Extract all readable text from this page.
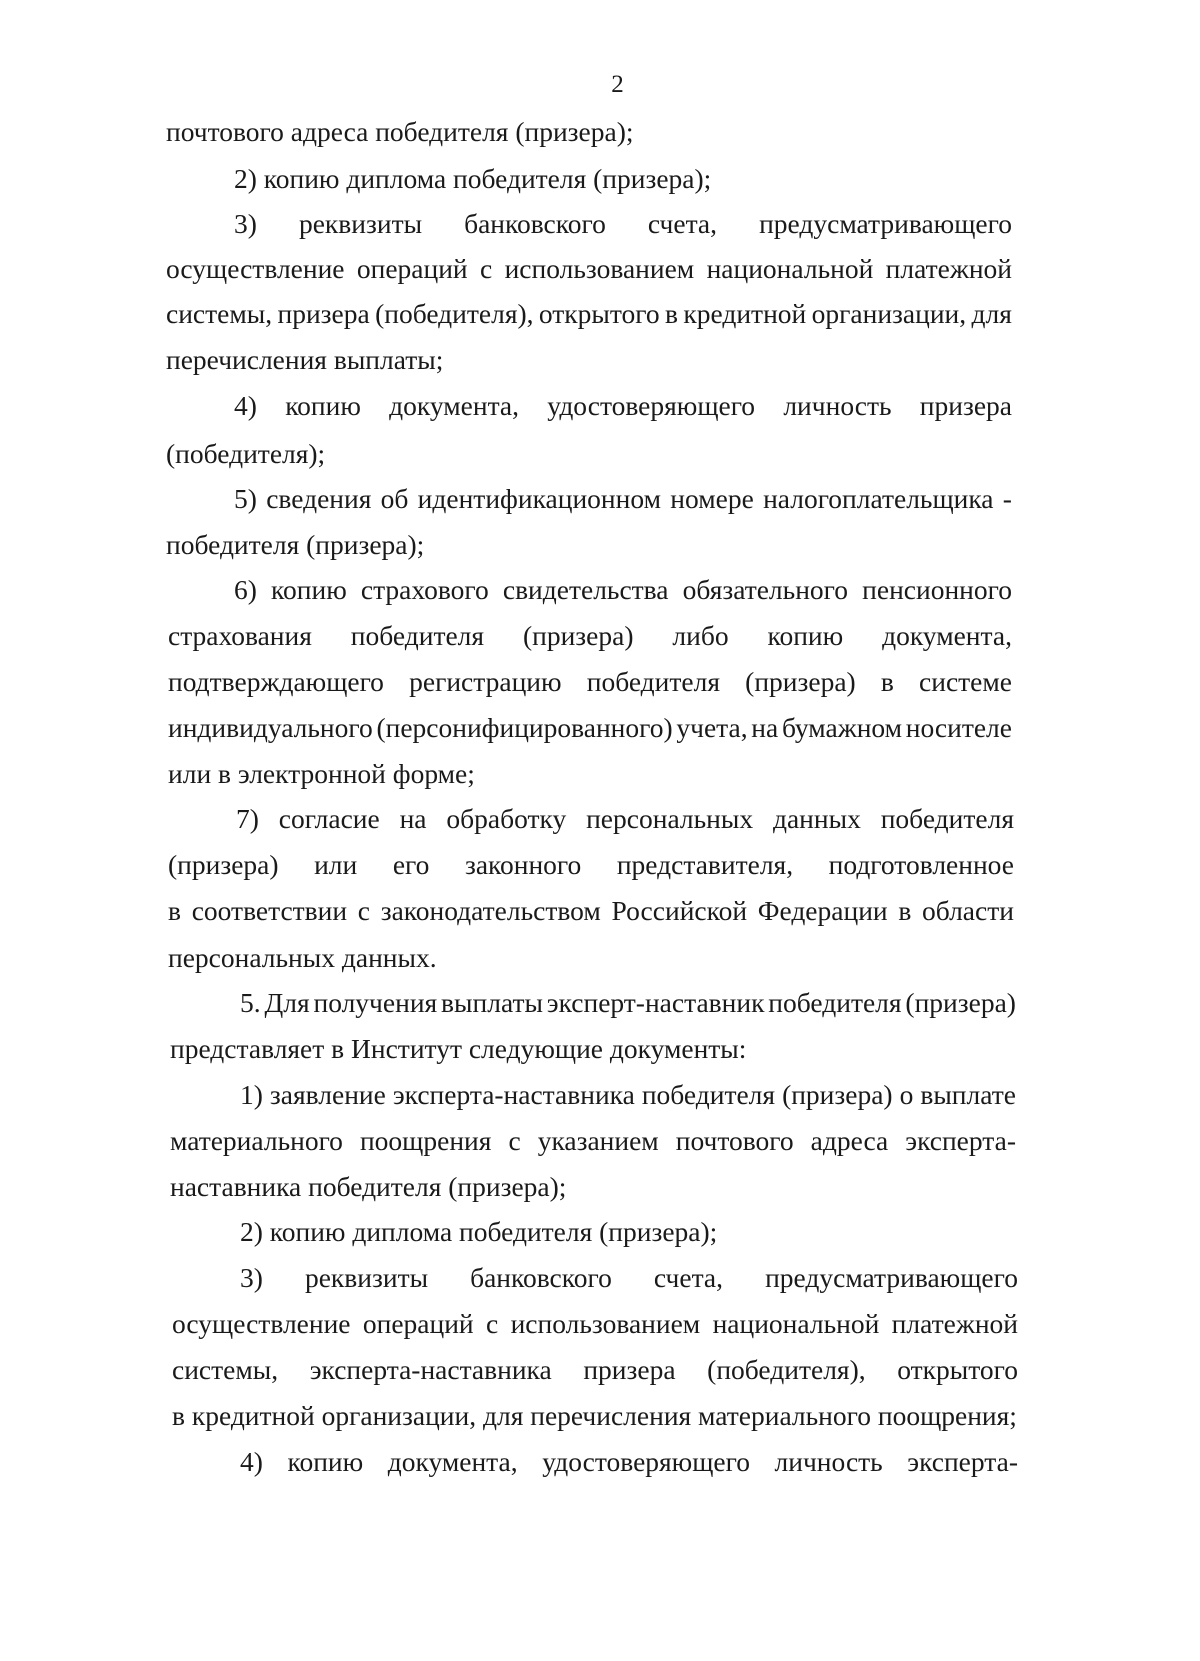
2
почтового адреса победителя (призера);
2) копию диплома победителя (призера);
3) реквизиты банковского счета, предусматривающего
осуществление операций с использованием национальной платежной
системы, призера (победителя), открытого в кредитной организации, для
перечисления выплаты;
4) копию документа, удостоверяющего личность призера
(победителя);
5) сведения об идентификационном номере налогоплательщика -
победителя (призера);
6) копию страхового свидетельства обязательного пенсионного
страхования победителя (призера) либо копию документа,
подтверждающего регистрацию победителя (призера) в системе
индивидуального (персонифицированного) учета, на бумажном носителе
или в электронной форме;
7) согласие на обработку персональных данных победителя
(призера) или его законного представителя, подготовленное
в соответствии с законодательством Российской Федерации в области
персональных данных.
5. Для получения выплаты эксперт-наставник победителя (призера)
представляет в Институт следующие документы:
1) заявление эксперта-наставника победителя (призера) о выплате
материального поощрения с указанием почтового адреса эксперта-
наставника победителя (призера);
2) копию диплома победителя (призера);
3) реквизиты банковского счета, предусматривающего
осуществление операций с использованием национальной платежной
системы, эксперта-наставника призера (победителя), открытого
в кредитной организации, для перечисления материального поощрения;
4) копию документа, удостоверяющего личность эксперта-
